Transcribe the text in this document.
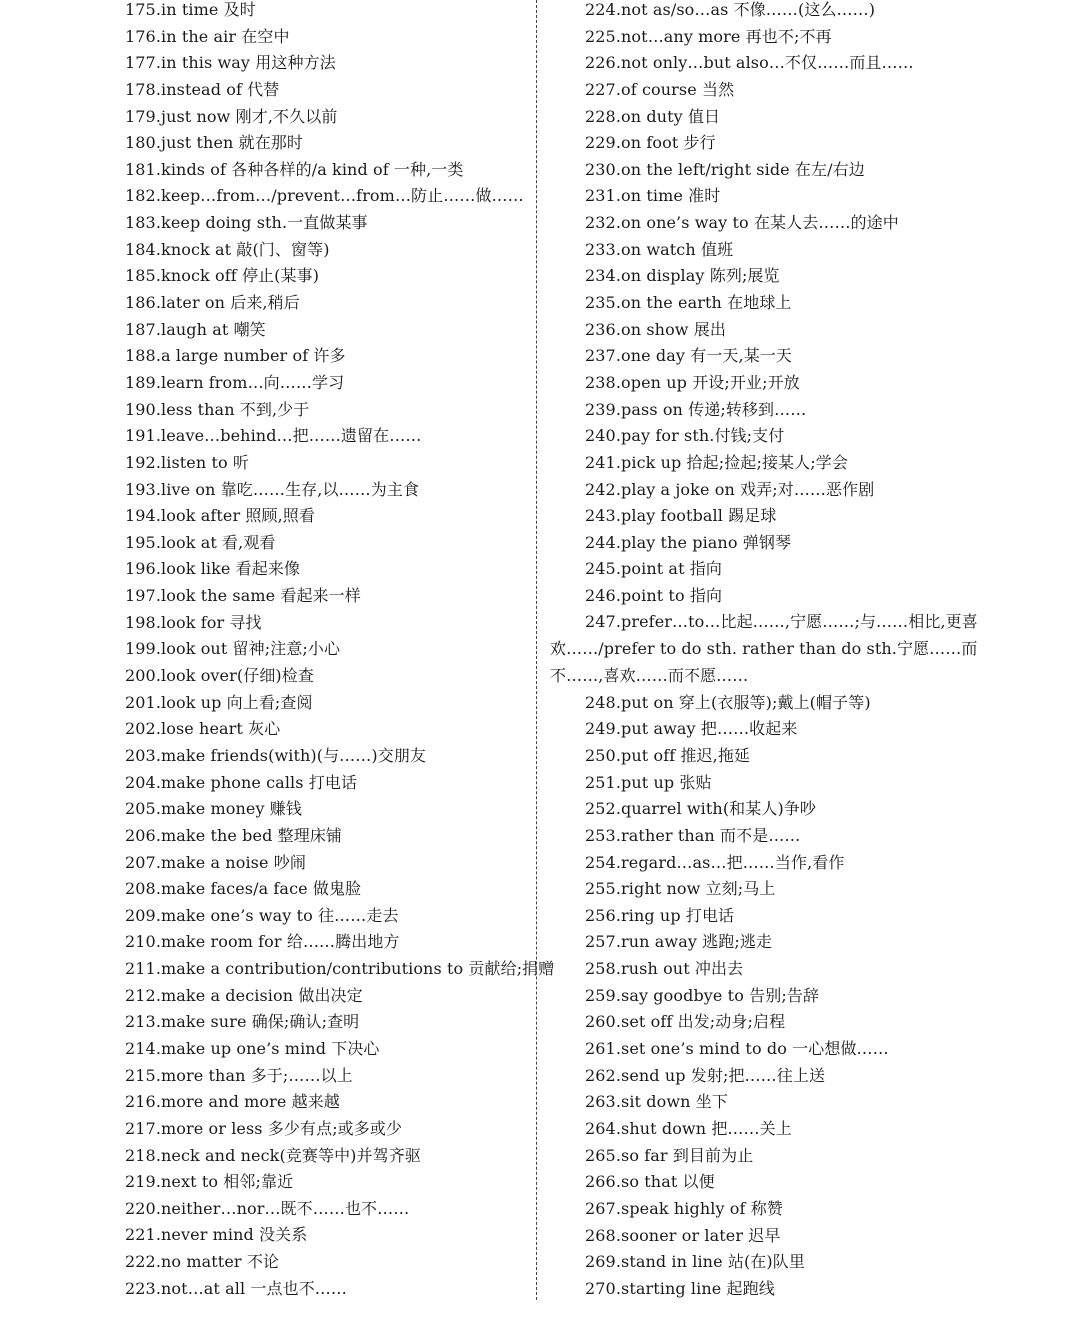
175.in time 及时
176.in the air 在空中
177.in this way 用这种方法
178.instead of 代替
179.just now 刚才,不久以前
180.just then 就在那时
181.kinds of 各种各样的/a kind of 一种,一类
182.keep…from…/prevent…from…防止……做……
183.keep doing sth.一直做某事
184.knock at 敲(门、窗等)
185.knock off 停止(某事)
186.later on 后来,稍后
187.laugh at 嘲笑
188.a large number of 许多
189.learn from…向……学习
190.less than 不到,少于
191.leave…behind…把……遗留在……
192.listen to 听
193.live on 靠吃……生存,以……为主食
194.look after 照顾,照看
195.look at 看,观看
196.look like 看起来像
197.look the same 看起来一样
198.look for 寻找
199.look out 留神;注意;小心
200.look over(仔细)检查
201.look up 向上看;查阅
202.lose heart 灰心
203.make friends(with)(与……)交朋友
204.make phone calls 打电话
205.make money 赚钱
206.make the bed 整理床铺
207.make a noise 吵闹
208.make faces/a face 做鬼脸
209.make one’s way to 往……走去
210.make room for 给……腾出地方
211.make a contribution/contributions to 贡献给;捐赠
212.make a decision 做出决定
213.make sure 确保;确认;查明
214.make up one’s mind 下决心
215.more than 多于;……以上
216.more and more 越来越
217.more or less 多少有点;或多或少
218.neck and neck(竞赛等中)并驾齐驱
219.next to 相邻;靠近
220.neither…nor…既不……也不……
221.never mind 没关系
222.no matter 不论
223.not…at all 一点也不……
224.not as/so…as 不像……(这么……)
225.not…any more 再也不;不再
226.not only…but also…不仅……而且……
227.of course 当然
228.on duty 值日
229.on foot 步行
230.on the left/right side 在左/右边
231.on time 准时
232.on one’s way to 在某人去……的途中
233.on watch 值班
234.on display 陈列;展览
235.on the earth 在地球上
236.on show 展出
237.one day 有一天,某一天
238.open up 开设;开业;开放
239.pass on 传递;转移到……
240.pay for sth.付钱;支付
241.pick up 拾起;捡起;接某人;学会
242.play a joke on 戏弄;对……恶作剧
243.play football 踢足球
244.play the piano 弹钢琴
245.point at 指向
246.point to 指向
247.prefer…to…比起……,宁愿……;与……相比,更喜欢……/prefer to do sth. rather than do sth.宁愿……而不……,喜欢……而不愿……
248.put on 穿上(衣服等);戴上(帽子等)
249.put away 把……收起来
250.put off 推迟,拖延
251.put up 张贴
252.quarrel with(和某人)争吵
253.rather than 而不是……
254.regard…as…把……当作,看作
255.right now 立刻;马上
256.ring up 打电话
257.run away 逃跑;逃走
258.rush out 冲出去
259.say goodbye to 告别;告辞
260.set off 出发;动身;启程
261.set one’s mind to do 一心想做……
262.send up 发射;把……往上送
263.sit down 坐下
264.shut down 把……关上
265.so far 到目前为止
266.so that 以便
267.speak highly of 称赞
268.sooner or later 迟早
269.stand in line 站(在)队里
270.starting line 起跑线
